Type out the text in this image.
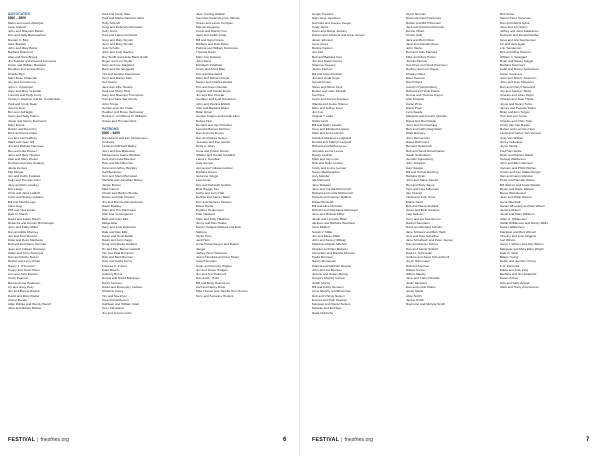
ADVOCATES
$500 – $999
Marni and Lewis Albergas
Irene Andrew
John and Shannon Banks
Don and Sally Baumgartner
Raman C. Birg
Alice Burdick
John and Mary Bober
Barbara Bramford
Alan and Sara Bryant
Jim Buehler and Deanna Fennema
Karen and William Brewster
Brendan and Jennie Bruno
Charlie Byrs
Mary Rose Chapman
Joy and Jon Denney
John L. Coppinger
Gary and Mary Crandall
Lorenzo and Holly Curry
Christy L.Dawson and Dr. Cordell Ede
Paul and Cindy Dean
Jeremy Dyer
Ben and Jeff Eglin
Garry and Sally Fallon
Jason and Nancy Fierimann
Mary Fonsa
Robert and Dean Fry
Brett and Anne Fuller
Lyn and Carl Gaffney
Ward and Jean Gill
Jim and Michael Hammes
Ben and Lilia Hoover
John and Mary Hughes
Alan and Mary Hunter
Dunham and Ree Keating
Jamie Kersen
Flip Klinger
Jon and Cathy Kotabek
Kelly and Thomas Kohn
Jany and Eric Landrey
Eric Lange
Chris and Janie Laldoff
Carin and Stacey Leblanc
Bill and Merrill Legro
Alina Ling
Phil and Tina Linder
Dale D. Marsh
David and Karen Martin
Rebecca and Dennis McCullough
Jerry and Kathy Miller
Dan and Ellie Mooney
Jon and Terri Mrozek
Katie and Ross Matthews
Richard and Nancy Norman
Jean and Colleen Nirenson
Adam and Terry Nurenpor
Dan and Marsy Nuzzo
Robert and Lynn Orban
Nancy J. O'Connell
Penny and Scott Olson
Ann and John Parouk
Cindy Pearson
Bart and Lisa Pedersen
Ivy and Greg Pedy
Jim and Bonnie Raicok
David and Mary Radiel
Cheryl Rende
Allan Rishko and Wendy Bunch
Jane and Marvin Rishter
Paul and Cindy Sala
Paul and Marka Sanchez-Mart
Holly Schmitt
Greg and Deborah Schroeder
Kelly Scott
Scot and Laurie Schwartz
Greg and Mary Snyder
Jerry and Mary Snyder
Judy Scholts
John and Judy Stanley
Roy Smith and Linda Black-Smith
Roger and Lori Stryke
Gary and Lee Stagland
Barb and Jim Steggeall
Tim and Sandra Swanstrom
Terry and Marlys Stier
Ted Stump
Jack and Julie Tanabe
Paul and Kristy Titus
Gary and Shannon Thompson
Carl and Sara Van Gundy
John Tringe
Gordon and Jim Vruke
Heather and Bruce Vanhooker
Bonnie K. and Bruce D. Williams
Susan and Thomas Wolz
PATRONS
$300 – $499
Dan Adams and Kim Christensen
Andrews
Linda and Richard Bailey
Jerry and Ann Bielewski
Michael and Jeanie Bischler
Kent and Linda Bisenius
Pam and Rich Brenner
Carol and Jeffrey Buckley
Carl Buckman
Curt and Sheryl Burnstad
Michelle and Jonathan Burley
Janice Burton
Mike Carroll
Chuck and Marilyn Bruzke
Nicole and Rob Cheene
Jim and Bonnie Dannenbroek
Dawn Bradley
Mary and Tim Darrington
Alan and Jo Deigaorsz
Beth and Gary Ellis
Midge Eller
Gary and Judy Eykamon
Dale and Dan Ellis
Karen and Scott Ekdal
Dawn and Jerry Fagg
Doug and Shelia Gadbois
Dr. and Mrs. Bernie Gatzloff
Tim and Patti Bornman
Rick and Barb Brenner
Sam and Kathy Cerny
Frances K. Fryant
Katie Busch
Anthony Byrne
Donna and David Bolsinger
Darcy Cannon
David and Rosemary Carlsen
Christine Carey
Tim and Sue Dyer
Sara Christofferson
Kathleen and William Clark
Terry Cleveland
Jim and Connie Cohn
Jane Cooling Wadkin
Cal Corp-Kieland Lynne Hillman
Susan and Lance Corrigan
Maryan Dogerme
Curtis and Wendy Cox
Joan and Judith Craig
Bill and Carol Crane
Barbara and Dick Davis
Patricia and William DeGrosse
Thomas Davis
Mary Ann Dawson
John Deng
Elizabeth DeWinter
Cindy and Scott Dale
Kim and Stan Erick
Mary and Richard Doyle
Nancy and Charles Dudek
Kim and Karen Dunlap
Virginia and Daniel Doyle
Jim and Don Dvorak
Geoffrey and Lynd Danielson
John and Paulina Ehrlich
Alan and Barbara Ehlert
Brian Elmer
Gordon Felgen and Kristin Allen
Ruben Fink
Bernard and Jay Fitzwater
Leonard Barnes Fletcher
Dan and Liss Dunes
Dan and Debra Geiser
Jeanette and Ken Gerdts
Doris A. Glory
Anna and Frazer Glover
William and Harriet Goddard
Laura J. Goodwin
Katy Gunyer
Jenna and Yuliana Godson
Barbara Green
Suzanne Griggs
Lisa Gross
Kim and Deborah Guthrie
Bets Haggin Key
Kathy and Jerry Hall
Debbie and Steve Hallen
Erin and Steinner Hansen
Diane Harris
Heather Hedemeyer
Kate Hawkins
Marc and Kelly Hawkins
Jenny and Dan Hoake
Nancy Hodges-Mathew and Dick
Mahony
Taylor Horn
Jack Horn
Anna Hostenberger and Duane
Jaeger
Jeffrey Hunt Hickerson
Joann Hendrick and Don Sharp
Carol Hermann
Dean and Dorothy Higdon
Jim and Grace Hodges
Jim and Ann Holbrook
Dan and L. Holm
Bill and Betty Holmstrom
Karl and Nancy Hook
Mike Hoover and Janelle Herr-Hoover
Terry and Suzanne Hurlock
FESTIVAL | fnesfnes.org	6
Ginger Howard
Mary Jane Jacobson
Nicholas and Joanne Jaeger
Craig Jarvis
Kevin and Marge Jenkins
Darren and Johanna and Anne Jensen
Jason Johnson
Irene Jones
Bonnie Karpen
Joe Kell
Bob and Barbara Kerr
Jim and Susan Kerrey
Shannon Keesey
Janice Karlson
Bill and Carol Kimball
Jim and Linda Kopp
Gerald Kinser
Steve and Alison Kent
Robert and Joan Kimball
Karl Klee
Kevin and Donna Knudsen
Wanda and Jenne Kramer
Mary and Jeffrey Kunz
Jim Kuo
Virginia T. Lake
Stella Lantz
Bill and Kathy Lavelle
Greg and Elizabeth Lawton
Mark and Lisa Lehman
Caroline Martinez-Lenghardt
Ronald and Kathryn Leopold
Richard and Barbara Lee
Johnette Lenne Levine
Randy Lewicki
Mark and Jay Lund
Nick and Holly Lumber
Cindy and Lynne Lunnan
Nancy MacKeighton
Amy Mander
Ida Marwood
Jane Mahaan
Jane and Corella McConnell
Richard and Linda McDermott
Pamela and Carolyn Ralfiem
Daniel McGrath
Bill and Alice McGraw
Richard and Stephanie McGregor
Jane and Michael Miller
Jacob and Lynnette Miller
Jackson and Barbara Weinfield
Irene Milland
Susan V. Miller
Jim and Eileen Miller
John and Tammy Millsap
Maddi and Dawn Mitchell
Charles and Pam Moberly
Alexander and Marsha Mooney
Paula Morrison
Nancy Mortensen
Patricia and Michael Murphy
John and Ina Munson
Jeanne and Susan Murray
Gregory Murphy Carson
Judith Muzay
Bill and Cathy Nemann
Anne Murphy and Brian Nye
Rob and Christy Nelson
Emmet and Ruth Nowicki
Margaret and Daniel Nelson
Melanie and Ed Nigel
Nada Nobinzhe
Glynn Norman
Diamond Carol Nordmore
Robert and Bill O'Donnell
Jack and Patricia O'Donnell
Donna Olbert
Chuck Quilt
Jack and Beril Olson
Jane and Donald Olson
John Okola
Bert and Julie Patricka
Mike and Mary Pelzer
Jenelle Pierson
Sue Prew and Cindi Pieszwon
Rodney and Lori Pogue
Charles Pates
Elise Pearson
Dan Pollera
Carolyn Pyatt Rosberg
Richard and Vicki Pokke
Norma and Thomas Payne
Alan Pravelle
Karen Price
Diane Pratt
Lynn Reade
Margaret and Francis Quinlan
Diane and Bud Rastle
Jerry and Jim Reehing
Bert and Cathy Reginbald
Wark Ramsey
John Rennerman
Diana Richmond
Bernard Robertson
Bob and Sandi Rosenhaulet
Sarah Schimbarm
Jennifer Appenberg
John Schipper
Sam Saupet
Bill and Harriet Rushing
Barbara Ryan
John and Diane Sandel
Bert and Betty Sayre
Vern and Lisa Schuman
Jan Scanell
Linda and John Scott
Elaine Sand
Bob and Diana Sedlack
Steve and Beth Sanders
Lela Sedeno
Terry and Lia Seaverman
Rachel Saunders
Dana and Richard Schultz
Jane Schwarz and Bob Hach
Amy and Kyle Schaffner
Jane Schulbach and Peter Jaynes
Dan and Evelyn Schiny
Dan and Sandy Schultz
David J. Schroeder
Andrew and Janet Schoenbrodt
Joyce Schumann
Richard Sommer
Wiliam Sonne
Wilbur Slavely
Jane and Cheryl Shields
Joslin Silepped
Dan and Lubin Sluiter
Jesse Slavik
Alice Smith
Janine Smith
Raymond and Nichola Smith
Bob Soloe
Merrel Peter Sorensen
Dan and Debra Sylva
Jane and Jim Starry
Jeffrey and Jane Stadelman
Deborah and Ronald Steffen
Greg and Lila Stephenson
Liz and Jack Egan
L.E. Sanderson
Bob and Mina Stremer
William J. Swaggart
Ryan and Nancy Spiggs
Barbara Summers
Keith and Nancy Sutherland
Karen Summers
John and Sherry Swanson
John and Fran Swanson
Bert and Cheryl Tamarind
Joy and Carolyn Tasler
Charles and Janis Taylor
Charles and Jean Thiele
Joyce and Kenny Torks
James and Pamela Tripler
Brian and Erin Turgen
Tom and Lori Tuzen
Charles and Chris Tyler
Cindy Van Van Haden
Robert and Lori Van Horn
Linda and Carlos Van Vooreel
Judy Van Walder
Henry Veliankas
Joyce Vavrik
Fred Van Sickle
Dean and Patrice Walsh
Solveig Walderson
John and Ellen Wamser
Carmen and Philip Warren
Susan and Ken Wattenberger
Dan and Karen Webster
Peter and Hannah Weber
Bill Warren and Linda Wanda
Bryan and Dayle Watson
Bruce Wendicoster
Jean and Philip Weiner
Gene Wenzlaff
Daniel Wheeling and Neil Wilson
Jessica Wilson
Jason and Mary Williams
Allan G. Williamson
Sarah Williamson and Nancy Willis
Susan Williamson
Margaret and Bert Winsell
Timothy and Lynn Wiggins
Lori Wilson
Carol J. Wilson and Dan Wilson
Margaret and Mary Ellen Wright
Dale G. Wolf
Blaine Young
Robin and Jennifer Young
K.C. Zaremba
Marla and Josh Zeig
Barbara and Jim Zeliasicki
Karen Zirzow
Dan and Sally Zimrak
Mark and Tracy Zimmerman
FESTIVAL | fnesfnes.org	7
